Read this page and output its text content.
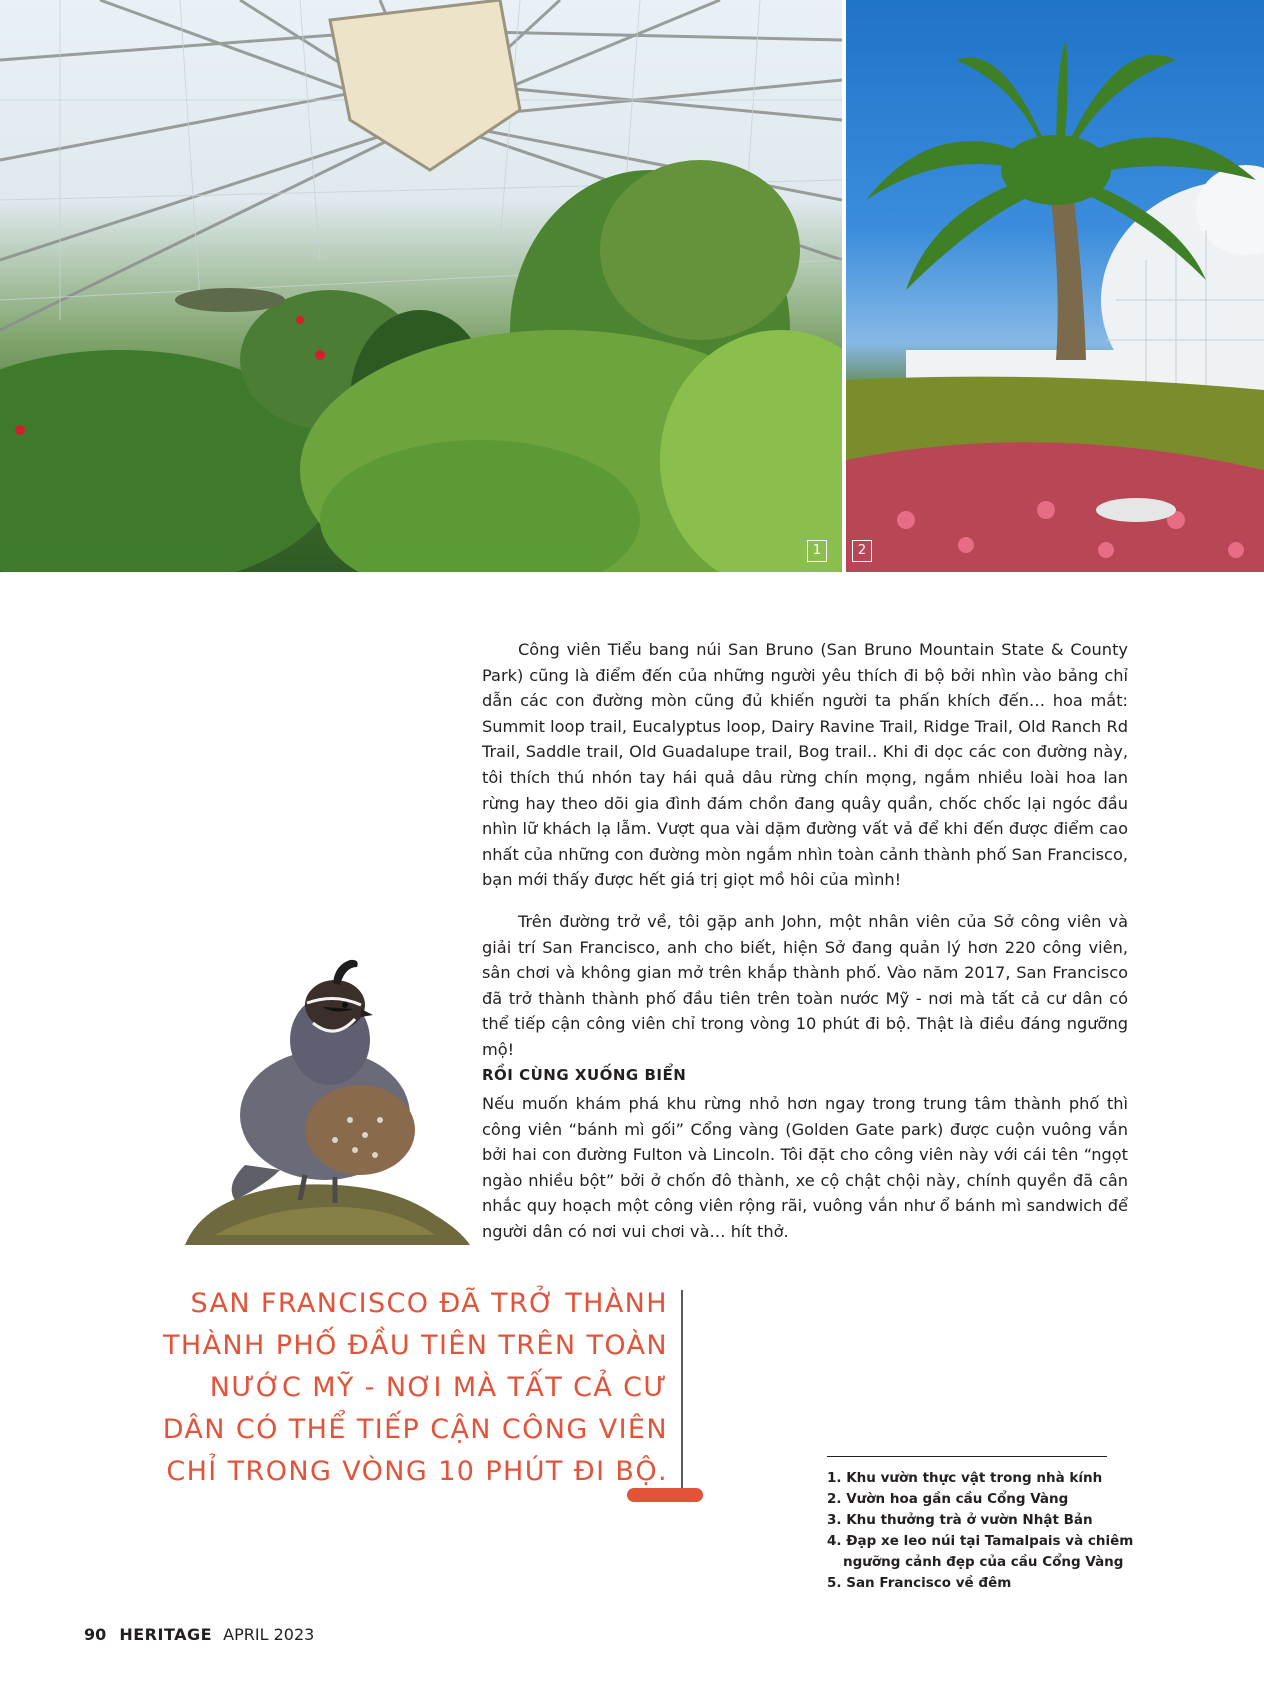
1	2

Công viên Tiểu bang núi San Bruno (San Bruno Mountain State & County Park) cũng là điểm đến của những người yêu thích đi bộ bởi nhìn vào bảng chỉ dẫn các con đường mòn cũng đủ khiến người ta phấn khích đến… hoa mắt: Summit loop trail, Eucalyptus loop, Dairy Ravine Trail, Ridge Trail, Old Ranch Rd Trail, Saddle trail, Old Guadalupe trail, Bog trail.. Khi đi dọc các con đường này, tôi thích thú nhón tay hái quả dâu rừng chín mọng, ngắm nhiều loài hoa lan rừng hay theo dõi gia đình đám chồn đang quây quần, chốc chốc lại ngóc đầu nhìn lữ khách lạ lẫm. Vượt qua vài dặm đường vất vả để khi đến được điểm cao nhất của những con đường mòn ngắm nhìn toàn cảnh thành phố San Francisco, bạn mới thấy được hết giá trị giọt mồ hôi của mình!

Trên đường trở về, tôi gặp anh John, một nhân viên của Sở công viên và giải trí San Francisco, anh cho biết, hiện Sở đang quản lý hơn 220 công viên, sân chơi và không gian mở trên khắp thành phố. Vào năm 2017, San Francisco đã trở thành thành phố đầu tiên trên toàn nước Mỹ - nơi mà tất cả cư dân có thể tiếp cận công viên chỉ trong vòng 10 phút đi bộ. Thật là điều đáng ngưỡng mộ!

RỒI CÙNG XUỐNG BIỂN

Nếu muốn khám phá khu rừng nhỏ hơn ngay trong trung tâm thành phố thì công viên “bánh mì gối” Cổng vàng (Golden Gate park) được cuộn vuông vắn bởi hai con đường Fulton và Lincoln. Tôi đặt cho công viên này với cái tên “ngọt ngào nhiều bột” bởi ở chốn đô thành, xe cộ chật chội này, chính quyền đã cân nhắc quy hoạch một công viên rộng rãi, vuông vắn như ổ bánh mì sandwich để người dân có nơi vui chơi và… hít thở.

SAN FRANCISCO ĐÃ TRỞ THÀNH THÀNH PHỐ ĐẦU TIÊN TRÊN TOÀN NƯỚC MỸ - NƠI MÀ TẤT CẢ CƯ DÂN CÓ THỂ TIẾP CẬN CÔNG VIÊN CHỈ TRONG VÒNG 10 PHÚT ĐI BỘ.	1. Khu vườn thực vật trong nhà kính
2. Vườn hoa gần cầu Cổng Vàng
3. Khu thưởng trà ở vườn Nhật Bản
4. Đạp xe leo núi tại Tamalpais và chiêm ngưỡng cảnh đẹp của cầu Cổng Vàng
5. San Francisco về đêm
90 HERITAGE APRIL 2023
